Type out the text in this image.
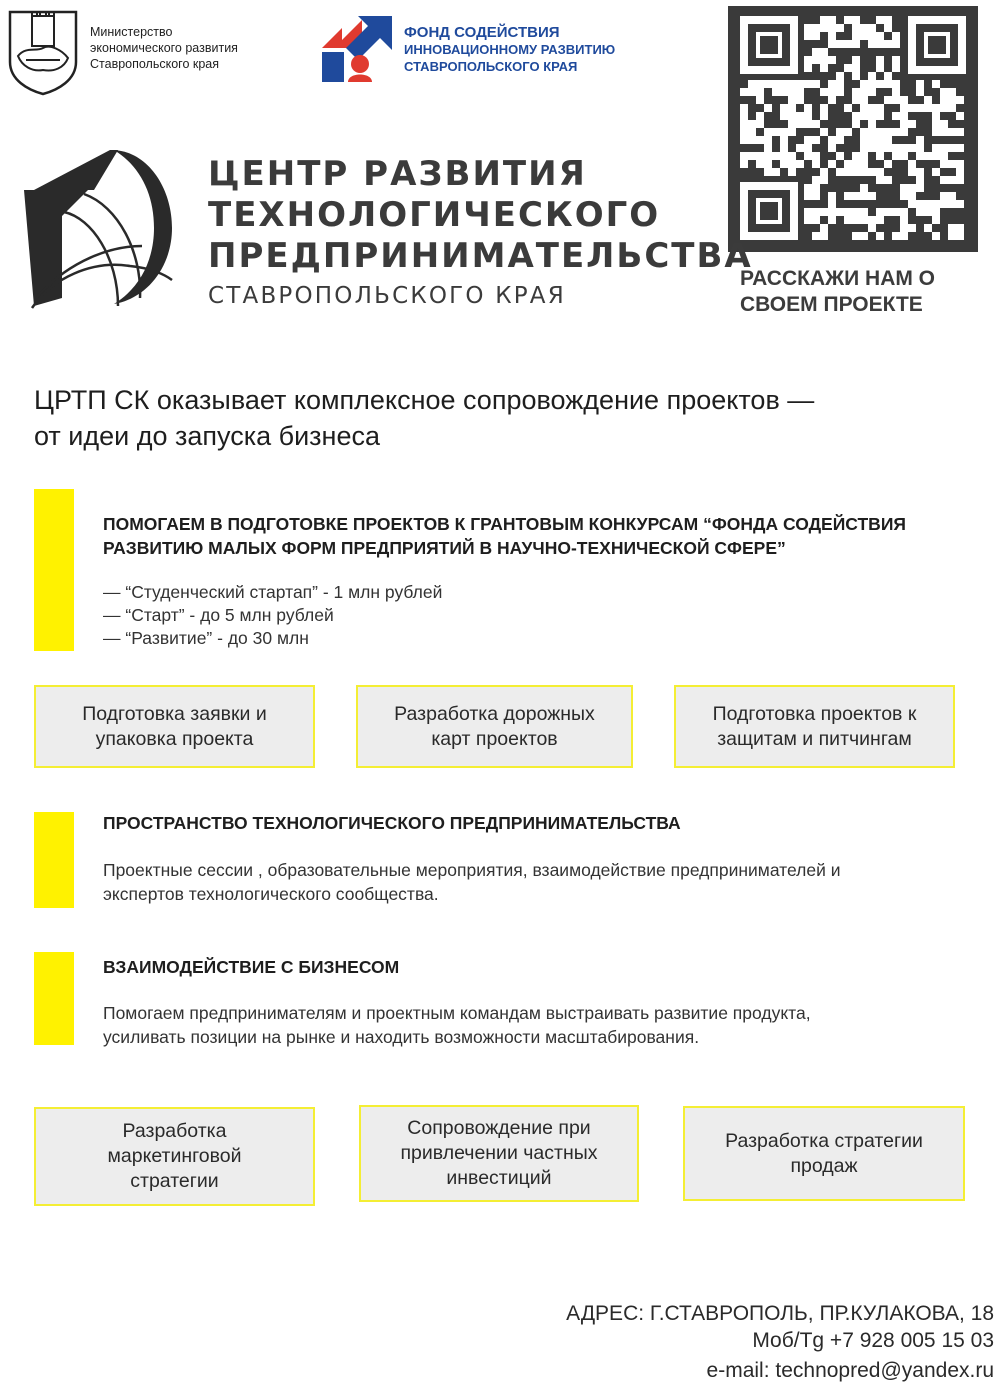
Министерство
экономического развития
Ставропольского края
ФОНД СОДЕЙСТВИЯ
ИННОВАЦИОННОМУ РАЗВИТИЮ
СТАВРОПОЛЬСКОГО КРАЯ
РАССКАЖИ НАМ О
СВОЕМ ПРОЕКТЕ
ЦЕНТР РАЗВИТИЯ
ТЕХНОЛОГИЧЕСКОГО
ПРЕДПРИНИМАТЕЛЬСТВА
СТАВРОПОЛЬСКОГО КРАЯ
ЦРТП СК оказывает комплексное сопровождение проектов —
от идеи до запуска бизнеса
ПОМОГАЕМ В ПОДГОТОВКЕ ПРОЕКТОВ К ГРАНТОВЫМ КОНКУРСАМ “ФОНДА СОДЕЙСТВИЯ
РАЗВИТИЮ МАЛЫХ ФОРМ ПРЕДПРИЯТИЙ В НАУЧНО-ТЕХНИЧЕСКОЙ СФЕРЕ”
— “Студенческий стартап” - 1 млн рублей
— “Старт” - до 5 млн рублей
— “Развитие” - до 30 млн
Подготовка заявки и
упаковка проекта
Разработка дорожных
карт проектов
Подготовка проектов к
защитам и питчингам
ПРОСТРАНСТВО ТЕХНОЛОГИЧЕСКОГО ПРЕДПРИНИМАТЕЛЬСТВА
Проектные сессии , образовательные мероприятия, взаимодействие предпринимателей и
экспертов технологического сообщества.
ВЗАИМОДЕЙСТВИЕ С БИЗНЕСОМ
Помогаем предпринимателям и проектным командам выстраивать развитие продукта,
усиливать позиции на рынке и находить возможности масштабирования.
Разработка
маркетинговой
стратегии
Сопровождение при
привлечении частных
инвестиций
Разработка стратегии
продаж
АДРЕС: Г.СТАВРОПОЛЬ, ПР.КУЛАКОВА, 18
Моб/Tg +7 928 005 15 03
e-mail: technopred@yandex.ru
